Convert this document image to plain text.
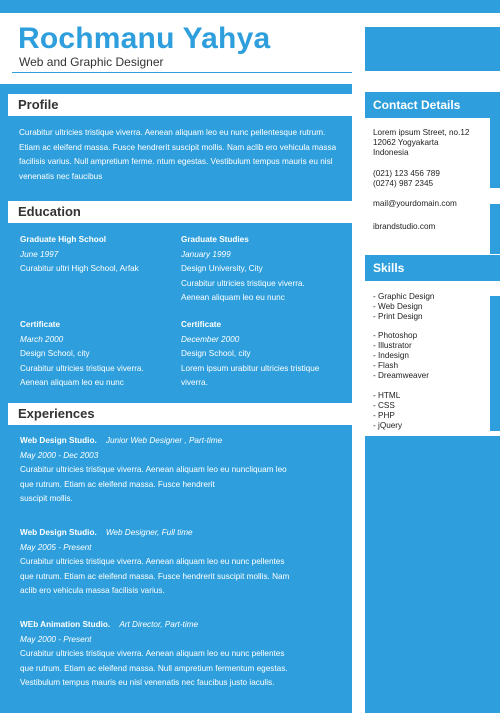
Rochmanu Yahya
Web and Graphic Designer
Profile
Curabitur ultricies tristique viverra. Aenean aliquam leo eu nunc pellentesque rutrum. Etiam ac eleifend massa. Fusce hendrerit suscipit mollis. Nam aclib ero vehicula massa facilisis varius. Null ampretium ferme. ntum egestas. Vestibulum tempus mauris eu nisl venenatis nec faucibus
Education
Graduate High School
June 1997
Curabitur ultri High School, Arfak
Graduate Studies
January 1999
Design University, City
Curabitur ultricies tristique viverra.
Aenean aliquam leo eu nunc
Certificate
March 2000
Design School, city
Curabitur ultricies tristique viverra.
Aenean aliquam leo eu nunc
Certificate
December 2000
Design School, city
Lorem ipsum urabitur ultricies tristique
viverra.
Experiences
Web Design Studio. Junior Web Designer , Part-time
May 2000 - Dec 2003
Curabitur ultricies tristique viverra. Aenean aliquam leo eu nuncliquam leo
que rutrum. Etiam ac eleifend massa. Fusce hendrerit
suscipit mollis.
Web Design Studio. Web Designer, Full time
May 2005 - Present
Curabitur ultricies tristique viverra. Aenean aliquam leo eu nunc pellentes
que rutrum. Etiam ac eleifend massa. Fusce hendrerit suscipit mollis. Nam
aclib ero vehicula massa facilisis varius.
WEb Animation Studio. Art Director, Part-time
May 2000 - Present
Curabitur ultricies tristique viverra. Aenean aliquam leo eu nunc pellentes
que rutrum. Etiam ac eleifend massa. Null ampretium fermentum egestas.
Vestibulum tempus mauris eu nisl venenatis nec faucibus justo iaculis.
Contact Details
Lorem ipsum Street, no.12
12062 Yogyakarta
Indonesia
(021) 123 456 789
(0274) 987 2345
mail@yourdomain.com
ibrandstudio.com
Skills
- Graphic Design
- Web Design
- Print Design
- Photoshop
- Illustrator
- Indesign
- Flash
- Dreamweaver
- HTML
- CSS
- PHP
- jQuery
